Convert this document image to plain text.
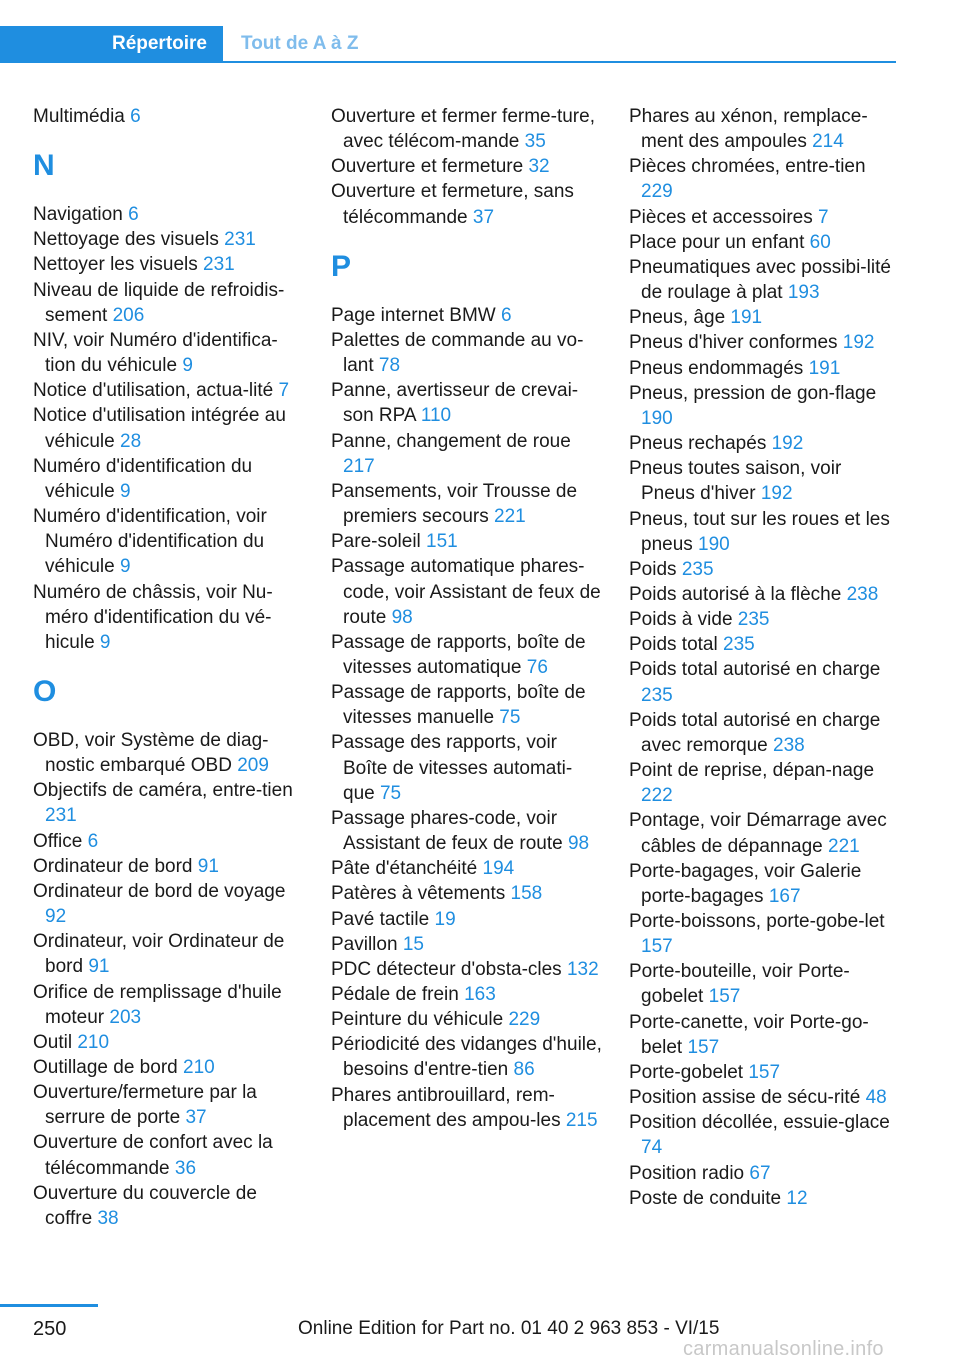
Répertoire	Tout de A à Z
Multimédia 6
N
Navigation 6
Nettoyage des visuels 231
Nettoyer les visuels 231
Niveau de liquide de refroidis-sement 206
NIV, voir Numéro d'identifica-tion du véhicule 9
Notice d'utilisation, actua-lité 7
Notice d'utilisation intégrée au véhicule 28
Numéro d'identification du véhicule 9
Numéro d'identification, voir Numéro d'identification du véhicule 9
Numéro de châssis, voir Nu-méro d'identification du vé-hicule 9
O
OBD, voir Système de diag-nostic embarqué OBD 209
Objectifs de caméra, entre-tien 231
Office 6
Ordinateur de bord 91
Ordinateur de bord de voyage 92
Ordinateur, voir Ordinateur de bord 91
Orifice de remplissage d'huile moteur 203
Outil 210
Outillage de bord 210
Ouverture/fermeture par la serrure de porte 37
Ouverture de confort avec la télécommande 36
Ouverture du couvercle de coffre 38
Ouverture et fermer ferme-ture, avec télécom-mande 35
Ouverture et fermeture 32
Ouverture et fermeture, sans télécommande 37
P
Page internet BMW 6
Palettes de commande au vo-lant 78
Panne, avertisseur de crevai-son RPA 110
Panne, changement de roue 217
Pansements, voir Trousse de premiers secours 221
Pare-soleil 151
Passage automatique phares-code, voir Assistant de feux de route 98
Passage de rapports, boîte de vitesses automatique 76
Passage de rapports, boîte de vitesses manuelle 75
Passage des rapports, voir Boîte de vitesses automati-que 75
Passage phares-code, voir Assistant de feux de route 98
Pâte d'étanchéité 194
Patères à vêtements 158
Pavé tactile 19
Pavillon 15
PDC détecteur d'obsta-cles 132
Pédale de frein 163
Peinture du véhicule 229
Périodicité des vidanges d'huile, besoins d'entre-tien 86
Phares antibrouillard, rem-placement des ampou-les 215
Phares au xénon, remplace-ment des ampoules 214
Pièces chromées, entre-tien 229
Pièces et accessoires 7
Place pour un enfant 60
Pneumatiques avec possibi-lité de roulage à plat 193
Pneus, âge 191
Pneus d'hiver conformes 192
Pneus endommagés 191
Pneus, pression de gon-flage 190
Pneus rechapés 192
Pneus toutes saison, voir Pneus d'hiver 192
Pneus, tout sur les roues et les pneus 190
Poids 235
Poids autorisé à la flèche 238
Poids à vide 235
Poids total 235
Poids total autorisé en charge 235
Poids total autorisé en charge avec remorque 238
Point de reprise, dépan-nage 222
Pontage, voir Démarrage avec câbles de dépannage 221
Porte-bagages, voir Galerie porte-bagages 167
Porte-boissons, porte-gobe-let 157
Porte-bouteille, voir Porte-gobelet 157
Porte-canette, voir Porte-go-belet 157
Porte-gobelet 157
Position assise de sécu-rité 48
Position décollée, essuie-glace 74
Position radio 67
Poste de conduite 12
250	Online Edition for Part no. 01 40 2 963 853 - VI/15
carmanualsonline.info
